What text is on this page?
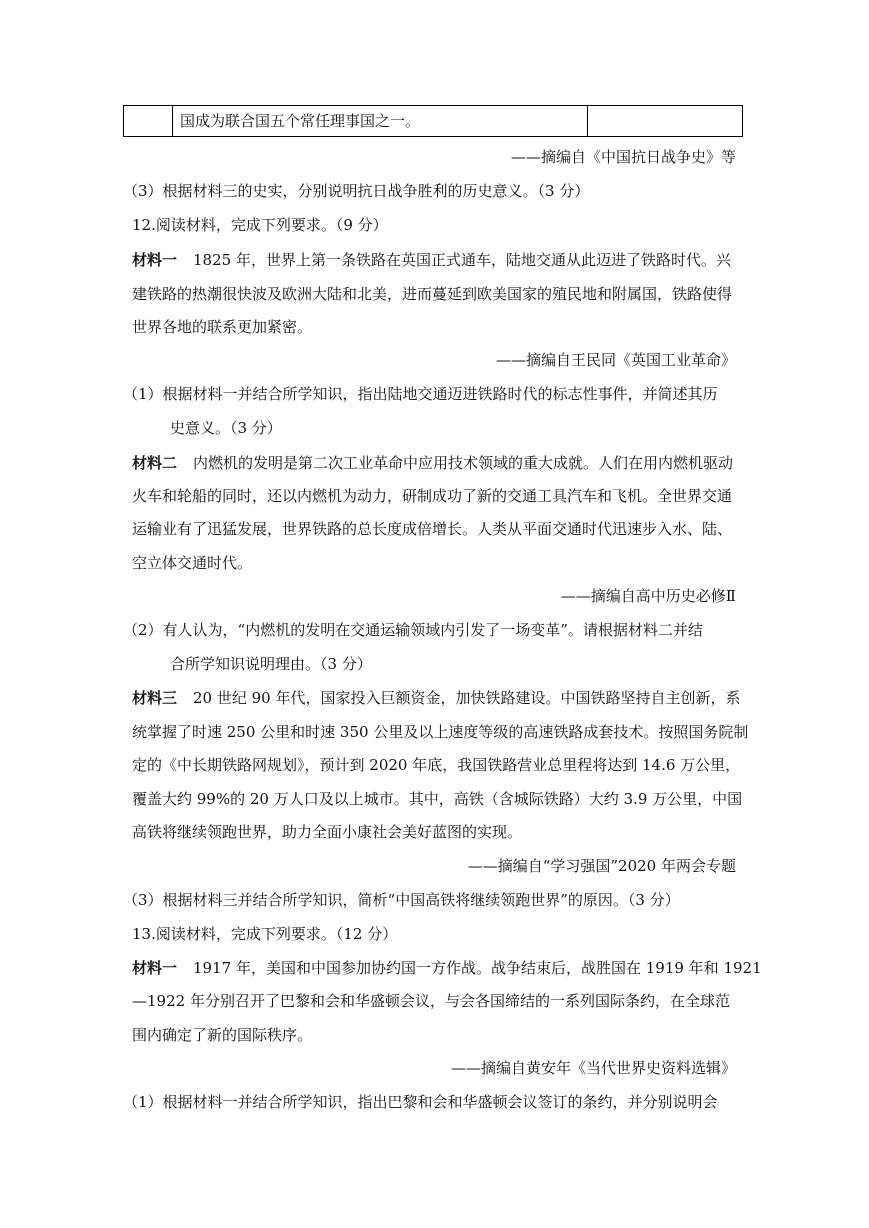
国成为联合国五个常任理事国之一。
——摘编自《中国抗日战争史》等
（3）根据材料三的史实，分别说明抗日战争胜利的历史意义。（3 分）
12.阅读材料，完成下列要求。（9 分）
材料一 1825 年，世界上第一条铁路在英国正式通车，陆地交通从此迈进了铁路时代。兴
建铁路的热潮很快波及欧洲大陆和北美，进而蔓延到欧美国家的殖民地和附属国，铁路使得
世界各地的联系更加紧密。
——摘编自王民同《英国工业革命》
（1）根据材料一并结合所学知识，指出陆地交通迈进铁路时代的标志性事件，并简述其历
史意义。（3 分）
材料二 内燃机的发明是第二次工业革命中应用技术领域的重大成就。人们在用内燃机驱动
火车和轮船的同时，还以内燃机为动力，研制成功了新的交通工具汽车和飞机。全世界交通
运输业有了迅猛发展，世界铁路的总长度成倍增长。人类从平面交通时代迅速步入水、陆、
空立体交通时代。
——摘编自高中历史必修Ⅱ
（2）有人认为，“内燃机的发明在交通运输领域内引发了一场变革”。请根据材料二并结
合所学知识说明理由。（3 分）
材料三 20 世纪 90 年代，国家投入巨额资金，加快铁路建设。中国铁路坚持自主创新，系
统掌握了时速 250 公里和时速 350 公里及以上速度等级的高速铁路成套技术。按照国务院制
定的《中长期铁路网规划》，预计到 2020 年底，我国铁路营业总里程将达到 14.6 万公里，
覆盖大约 99%的 20 万人口及以上城市。其中，高铁（含城际铁路）大约 3.9 万公里，中国
高铁将继续领跑世界，助力全面小康社会美好蓝图的实现。
——摘编自“学习强国”2020 年两会专题
（3）根据材料三并结合所学知识，简析“中国高铁将继续领跑世界”的原因。（3 分）
13.阅读材料，完成下列要求。（12 分）
材料一 1917 年，美国和中国参加协约国一方作战。战争结束后，战胜国在 1919 年和 1921
—1922 年分别召开了巴黎和会和华盛顿会议，与会各国缔结的一系列国际条约，在全球范
围内确定了新的国际秩序。
——摘编自黄安年《当代世界史资料选辑》
（1）根据材料一并结合所学知识，指出巴黎和会和华盛顿会议签订的条约，并分别说明会
